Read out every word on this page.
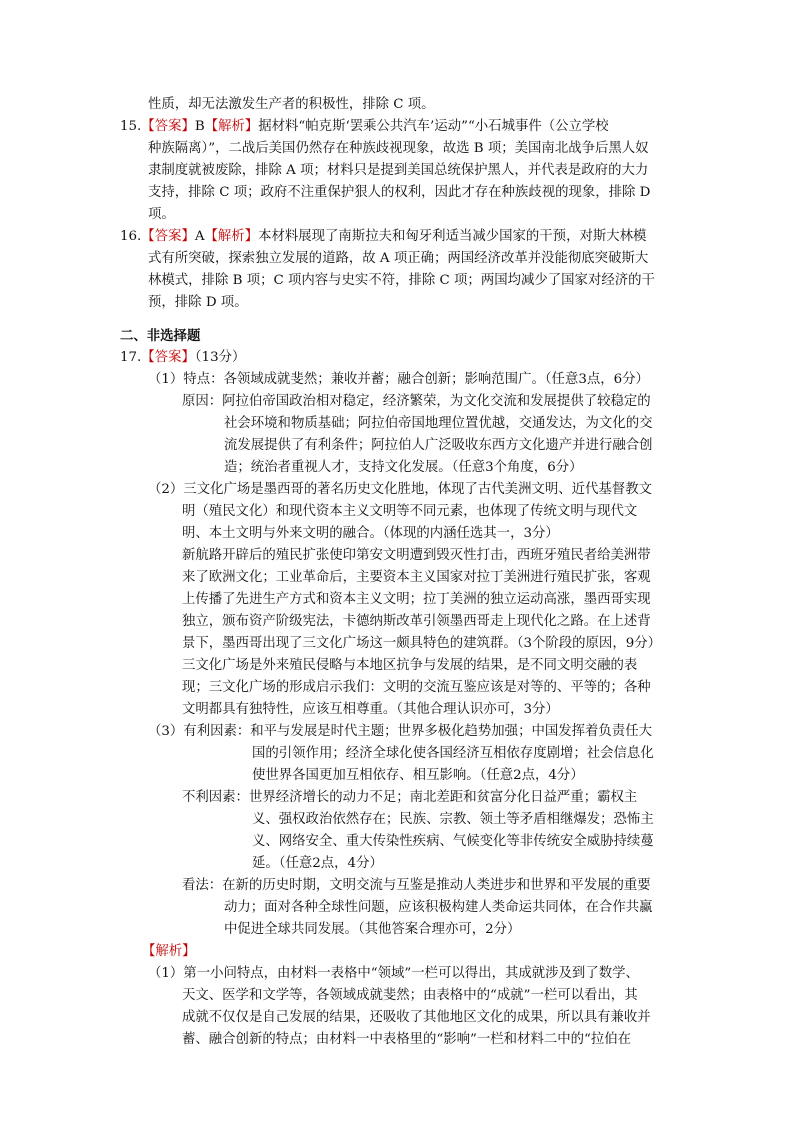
性质，却无法激发生产者的积极性，排除 C 项。
15.【答案】B【解析】据材料“帕克斯‘罢乘公共汽车’运动”“小石城事件（公立学校
种族隔离）”，二战后美国仍然存在种族歧视现象，故选 B 项；美国南北战争后黑人奴
隶制度就被废除，排除 A 项；材料只是提到美国总统保护黑人，并代表是政府的大力
支持，排除 C 项；政府不注重保护狠人的权利，因此才存在种族歧视的现象，排除 D
项。
16.【答案】A【解析】本材料展现了南斯拉夫和匈牙利适当减少国家的干预，对斯大林模
式有所突破，探索独立发展的道路，故 A 项正确；两国经济改革并没能彻底突破斯大
林模式，排除 B 项；C 项内容与史实不符，排除 C 项；两国均减少了国家对经济的干
预，排除 D 项。
二、非选择题
17.【答案】（13分）
（1）特点：各领域成就斐然；兼收并蓄；融合创新；影响范围广。（任意3点，6分）
原因：阿拉伯帝国政治相对稳定，经济繁荣，为文化交流和发展提供了较稳定的
社会环境和物质基础；阿拉伯帝国地理位置优越，交通发达，为文化的交
流发展提供了有利条件；阿拉伯人广泛吸收东西方文化遗产并进行融合创
造；统治者重视人才，支持文化发展。（任意3个角度，6分）
（2）三文化广场是墨西哥的著名历史文化胜地，体现了古代美洲文明、近代基督教文
明（殖民文化）和现代资本主义文明等不同元素，也体现了传统文明与现代文
明、本土文明与外来文明的融合。（体现的内涵任选其一，3分）
新航路开辟后的殖民扩张使印第安文明遭到毁灭性打击，西班牙殖民者给美洲带
来了欧洲文化；工业革命后，主要资本主义国家对拉丁美洲进行殖民扩张，客观
上传播了先进生产方式和资本主义文明；拉丁美洲的独立运动高涨，墨西哥实现
独立，颁布资产阶级宪法，卡德纳斯改革引领墨西哥走上现代化之路。在上述背
景下，墨西哥出现了三文化广场这一颇具特色的建筑群。（3个阶段的原因，9分）
三文化广场是外来殖民侵略与本地区抗争与发展的结果，是不同文明交融的表
现；三文化广场的形成启示我们：文明的交流互鉴应该是对等的、平等的；各种
文明都具有独特性，应该互相尊重。（其他合理认识亦可，3分）
（3）有利因素：和平与发展是时代主题；世界多极化趋势加强；中国发挥着负责任大
国的引领作用；经济全球化使各国经济互相依存度剧增；社会信息化
使世界各国更加互相依存、相互影响。（任意2点，4分）
不利因素：世界经济增长的动力不足；南北差距和贫富分化日益严重；霸权主
义、强权政治依然存在；民族、宗教、领土等矛盾相继爆发；恐怖主
义、网络安全、重大传染性疾病、气候变化等非传统安全威胁持续蔓
延。（任意2点，4分）
看法：在新的历史时期，文明交流与互鉴是推动人类进步和世界和平发展的重要
动力；面对各种全球性问题，应该积极构建人类命运共同体，在合作共赢
中促进全球共同发展。（其他答案合理亦可，2分）
【解析】
（1）第一小问特点，由材料一表格中“领域”一栏可以得出，其成就涉及到了数学、
天文、医学和文学等，各领域成就斐然；由表格中的“成就”一栏可以看出，其
成就不仅仅是自己发展的结果，还吸收了其他地区文化的成果，所以具有兼收并
蓄、融合创新的特点；由材料一中表格里的“影响”一栏和材料二中的“拉伯在
